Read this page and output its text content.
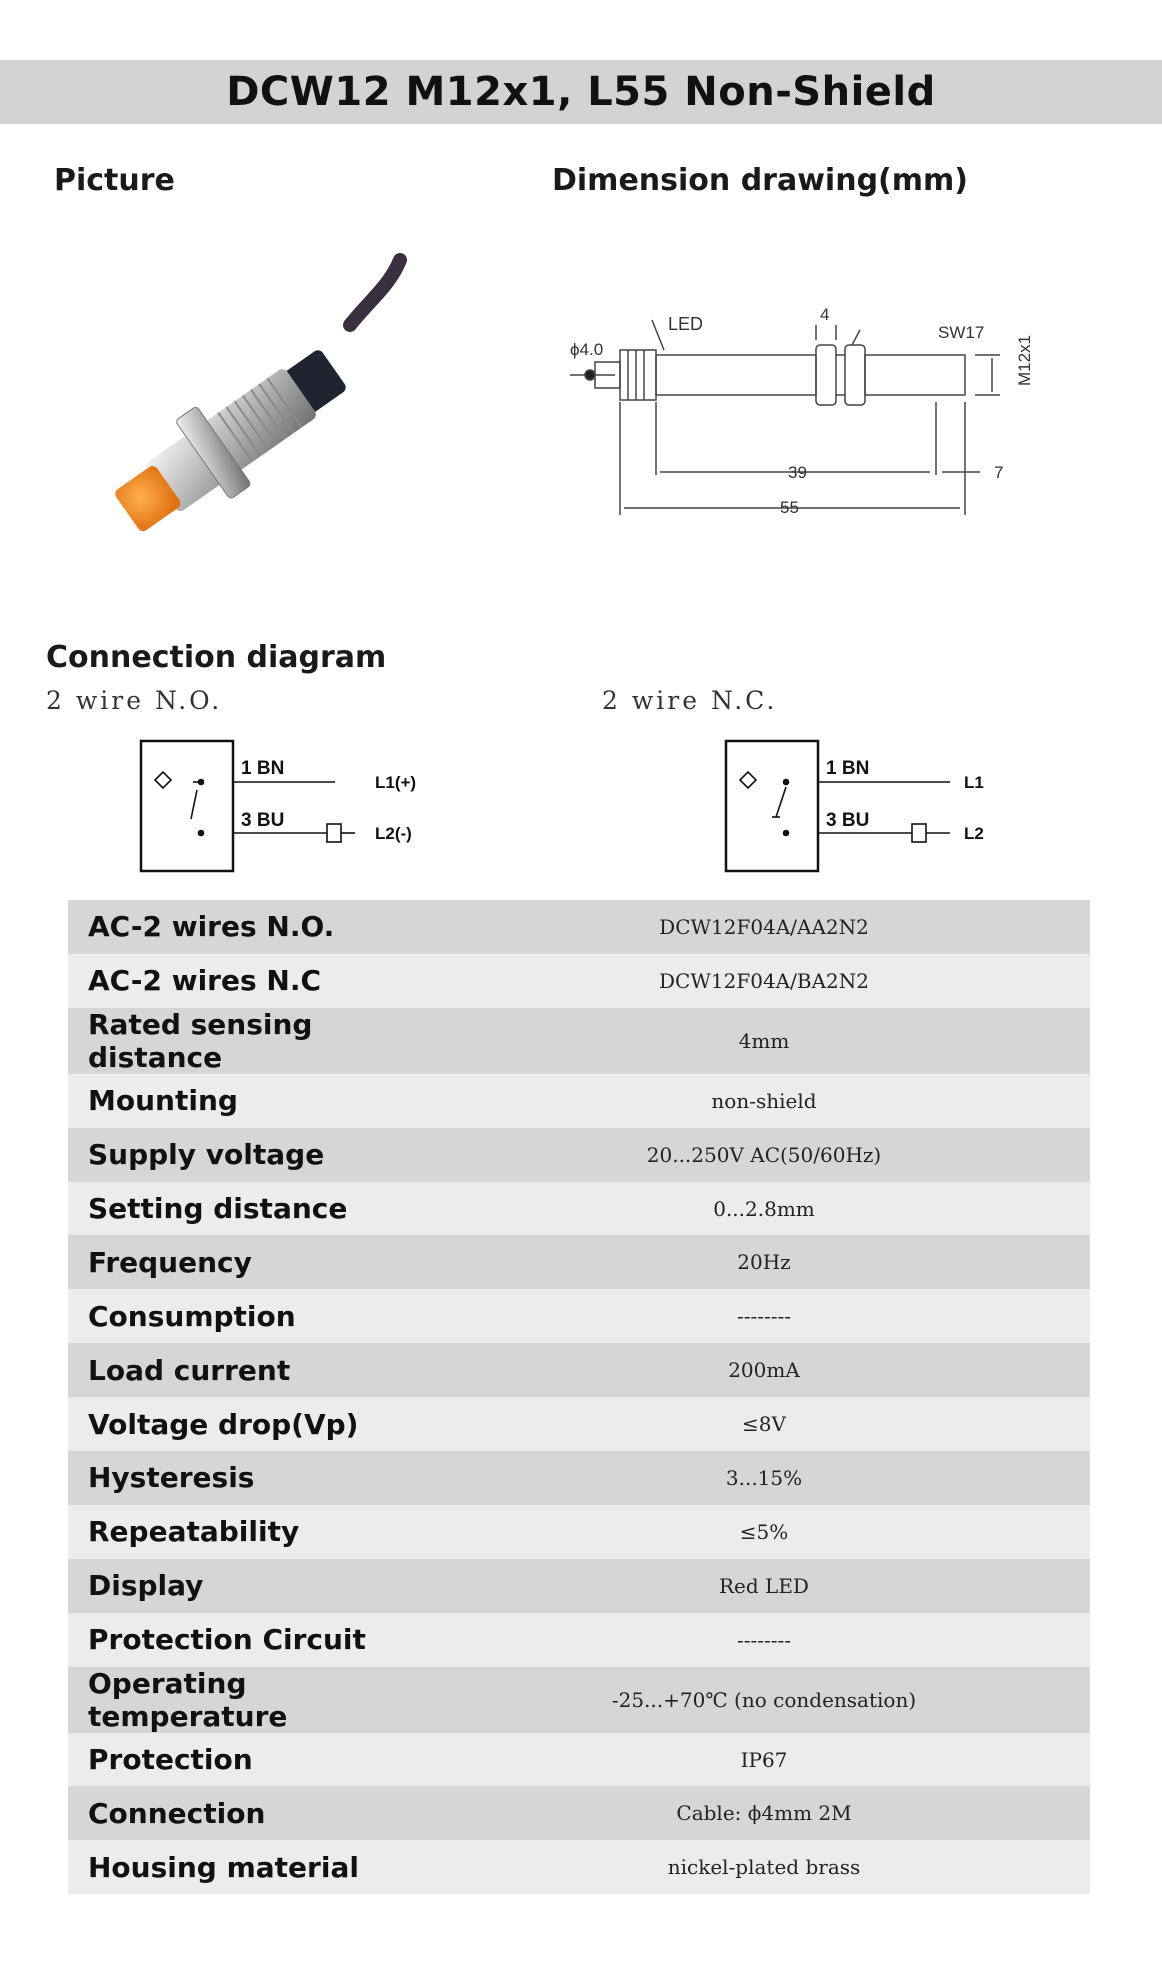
DCW12 M12x1, L55 Non-Shield
Picture	Dimension drawing(mm)
LED	4
SW17
ϕ4.0	M12x1
39	7
55
Connection diagram
2 wire N.O.	2 wire N.C.
1 BN
3 BU
L1(+)
L2(-)
1 BN
3 BU
L1
L2
AC-2 wires N.O.	DCW12F04A/AA2N2
AC-2 wires N.C	DCW12F04A/BA2N2
Rated sensing distance	4mm
Mounting	non-shield
Supply voltage	20...250V AC(50/60Hz)
Setting distance	0...2.8mm
Frequency	20Hz
Consumption	--------
Load current	200mA
Voltage drop(Vp)	≤8V
Hysteresis	3...15%
Repeatability	≤5%
Display	Red LED
Protection Circuit	--------
Operating temperature	-25...+70℃ (no condensation)
Protection	IP67
Connection	Cable: ϕ4mm 2M
Housing material	nickel-plated brass
